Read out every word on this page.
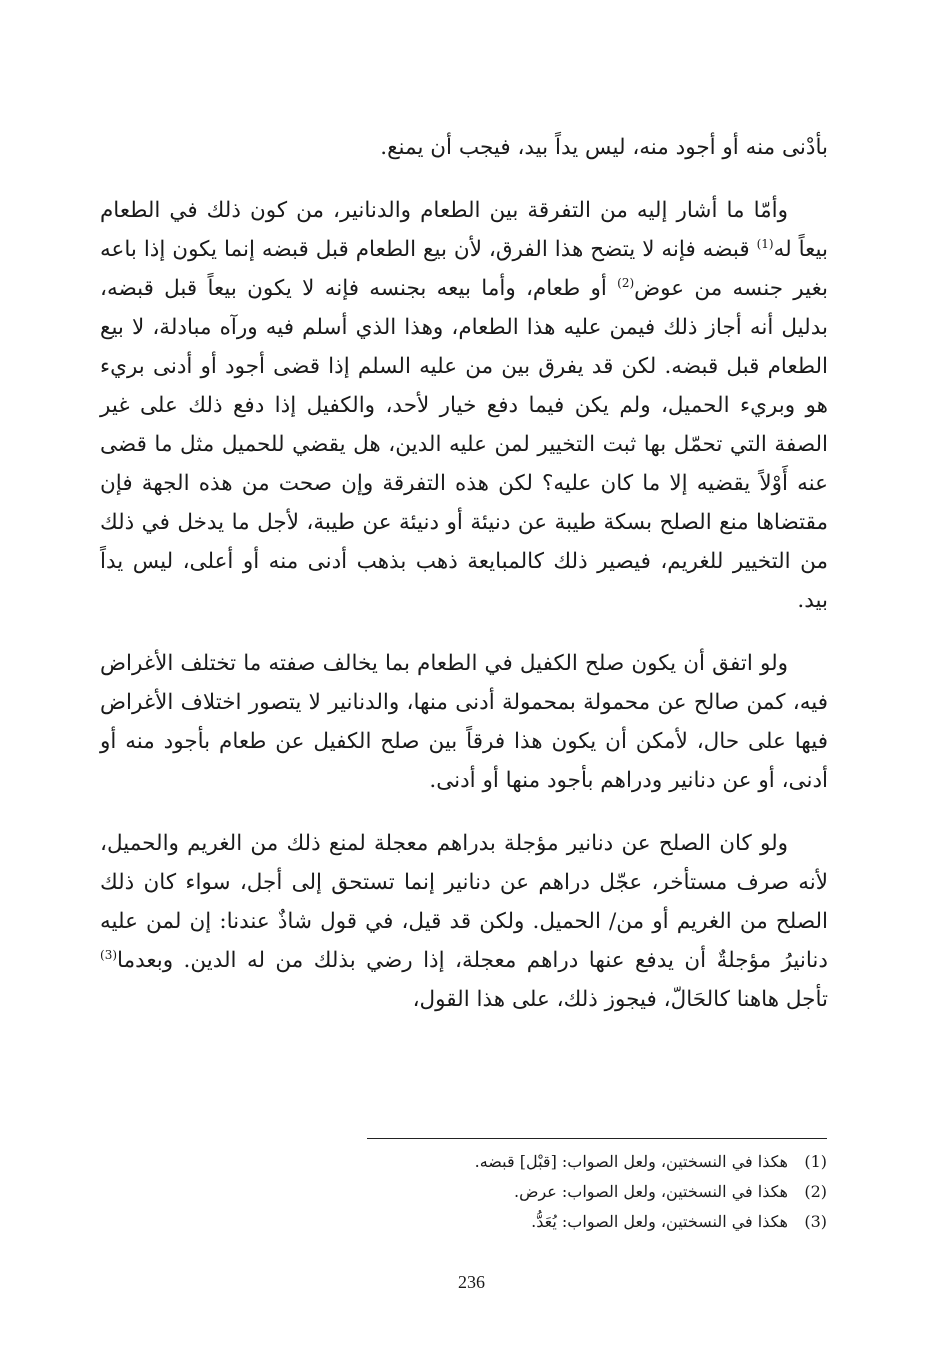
بأدْنى منه أو أجود منه، ليس يداً بيد، فيجب أن يمنع.

وأمّا ما أشار إليه من التفرقة بين الطعام والدنانير، من كون ذلك في الطعام بيعاً له$^{(1)}$ قبضه فإنه لا يتضح هذا الفرق، لأن بيع الطعام قبل قبضه إنما يكون إذا باعه بغير جنسه من عوض$^{(2)}$ أو طعام، وأما بيعه بجنسه فإنه لا يكون بيعاً قبل قبضه، بدليل أنه أجاز ذلك فيمن عليه هذا الطعام، وهذا الذي أسلم فيه ورآه مبادلة، لا بيع الطعام قبل قبضه. لكن قد يفرق بين من عليه السلم إذا قضى أجود أو أدنى بريء هو وبريء الحميل، ولم يكن فيما دفع خيار لأحد، والكفيل إذا دفع ذلك على غير الصفة التي تحمّل بها ثبت التخيير لمن عليه الدين، هل يقضي للحميل مثل ما قضى عنه أَوْلاً يقضيه إلا ما كان عليه؟ لكن هذه التفرقة وإن صحت من هذه الجهة فإن مقتضاها منع الصلح بسكة طيبة عن دنيئة أو دنيئة عن طيبة، لأجل ما يدخل في ذلك من التخيير للغريم، فيصير ذلك كالمبايعة ذهب بذهب أدنى منه أو أعلى، ليس يداً بيد.

ولو اتفق أن يكون صلح الكفيل في الطعام بما يخالف صفته ما تختلف الأغراض فيه، كمن صالح عن محمولة بمحمولة أدنى منها، والدنانير لا يتصور اختلاف الأغراض فيها على حال، لأمكن أن يكون هذا فرقاً بين صلح الكفيل عن طعام بأجود منه أو أدنى، أو عن دنانير ودراهم بأجود منها أو أدنى.

ولو كان الصلح عن دنانير مؤجلة بدراهم معجلة لمنع ذلك من الغريم والحميل، لأنه صرف مستأخر، عجّل دراهم عن دنانير إنما تستحق إلى أجل، سواء كان ذلك الصلح من الغريم أو من/ الحميل. ولكن قد قيل، في قول شاذٌ عندنا: إن لمن عليه دنانيرُ مؤجلةٌ أن يدفع عنها دراهم معجلة، إذا رضي بذلك من له الدين. وبعدما$^{(3)}$ تأجل هاهنا كالحَالّ، فيجوز ذلك، على هذا القول،

(1) هكذا في النسختين، ولعل الصواب: [قبْل] قبضه.

(2) هكذا في النسختين، ولعل الصواب: عرض.

(3) هكذا في النسختين، ولعل الصواب: يُعَدُّ.

236
